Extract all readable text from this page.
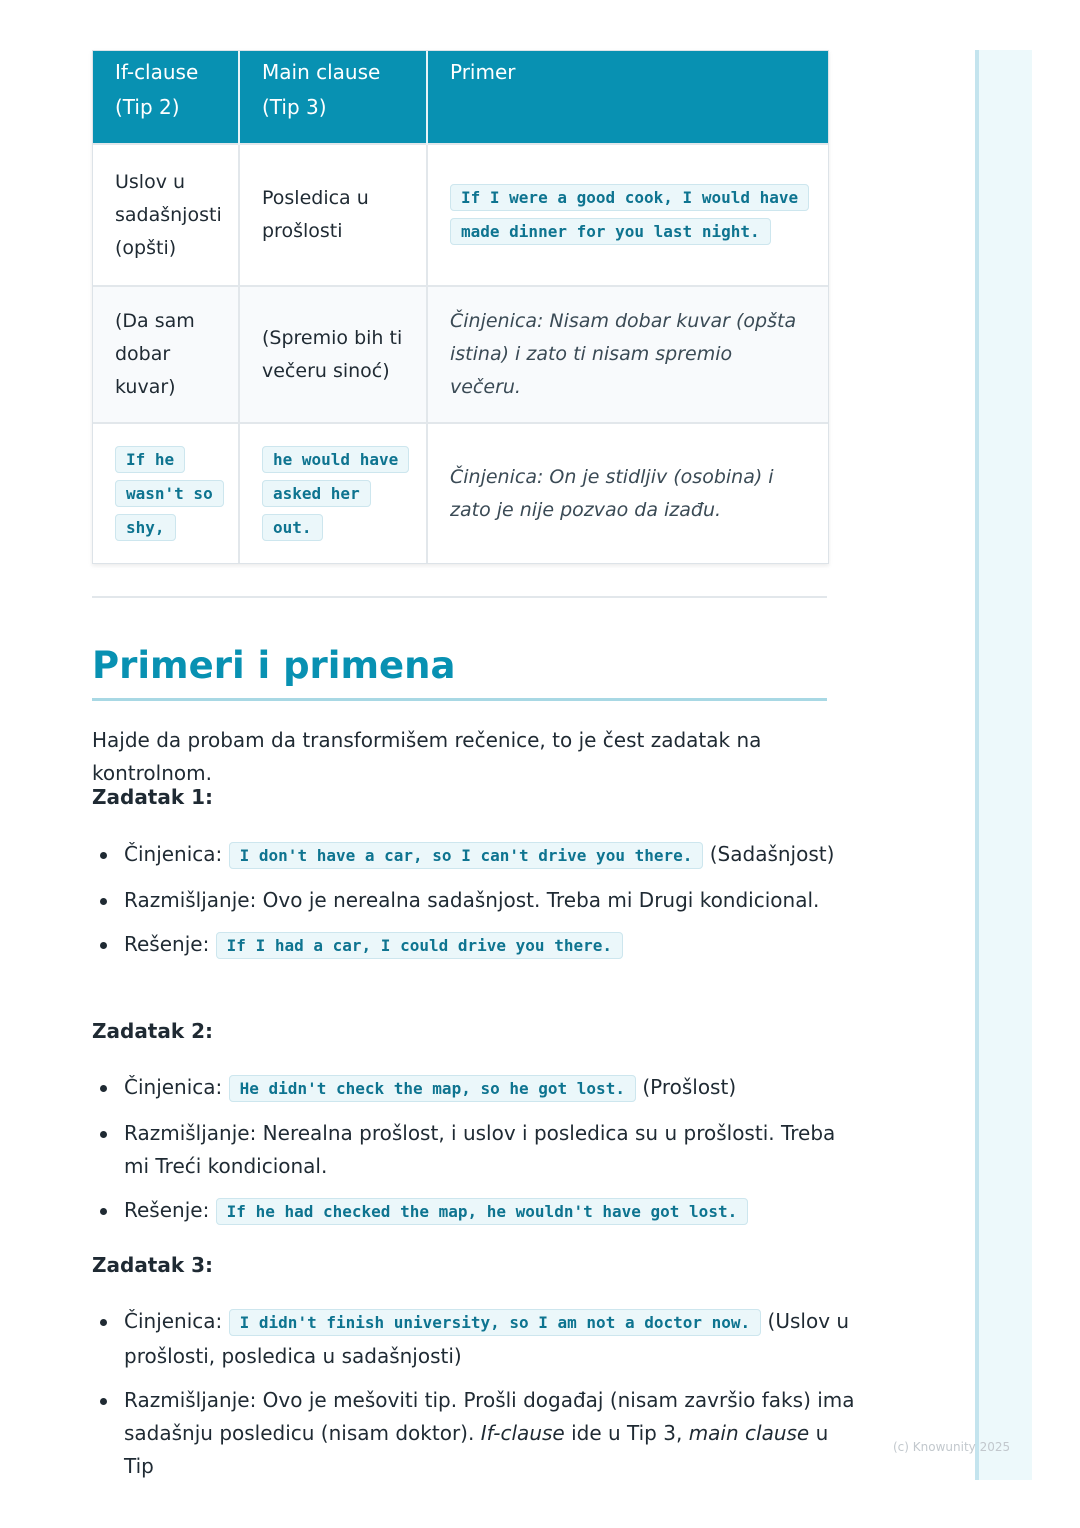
If-clause (Tip 2)	Main clause (Tip 3)	Primer
Uslov u sadašnjosti (opšti)	Posledica u prošlosti	If I were a good cook, I would have made dinner for you last night.
(Da sam dobar kuvar)	(Spremio bih ti večeru sinoć)	Činjenica: Nisam dobar kuvar (opšta istina) i zato ti nisam spremio večeru.
If he wasn't so shy,	he would have asked her out.	Činjenica: On je stidljiv (osobina) i zato je nije pozvao da izađu.
Primeri i primena

Hajde da probam da transformišem rečenice, to je čest zadatak na kontrolnom.

Zadatak 1:

Činjenica: I don't have a car, so I can't drive you there. (Sadašnjost)
Razmišljanje: Ovo je nerealna sadašnjost. Treba mi Drugi kondicional.
Rešenje: If I had a car, I could drive you there.

Zadatak 2:

Činjenica: He didn't check the map, so he got lost. (Prošlost)
Razmišljanje: Nerealna prošlost, i uslov i posledica su u prošlosti. Treba mi Treći kondicional.
Rešenje: If he had checked the map, he wouldn't have got lost.

Zadatak 3:

Činjenica: I didn't finish university, so I am not a doctor now. (Uslov u prošlosti, posledica u sadašnjosti)
Razmišljanje: Ovo je mešoviti tip. Prošli događaj (nisam završio faks) ima sadašnju posledicu (nisam doktor). If-clause ide u Tip 3, main clause u Tip
(c) Knowunity 2025
